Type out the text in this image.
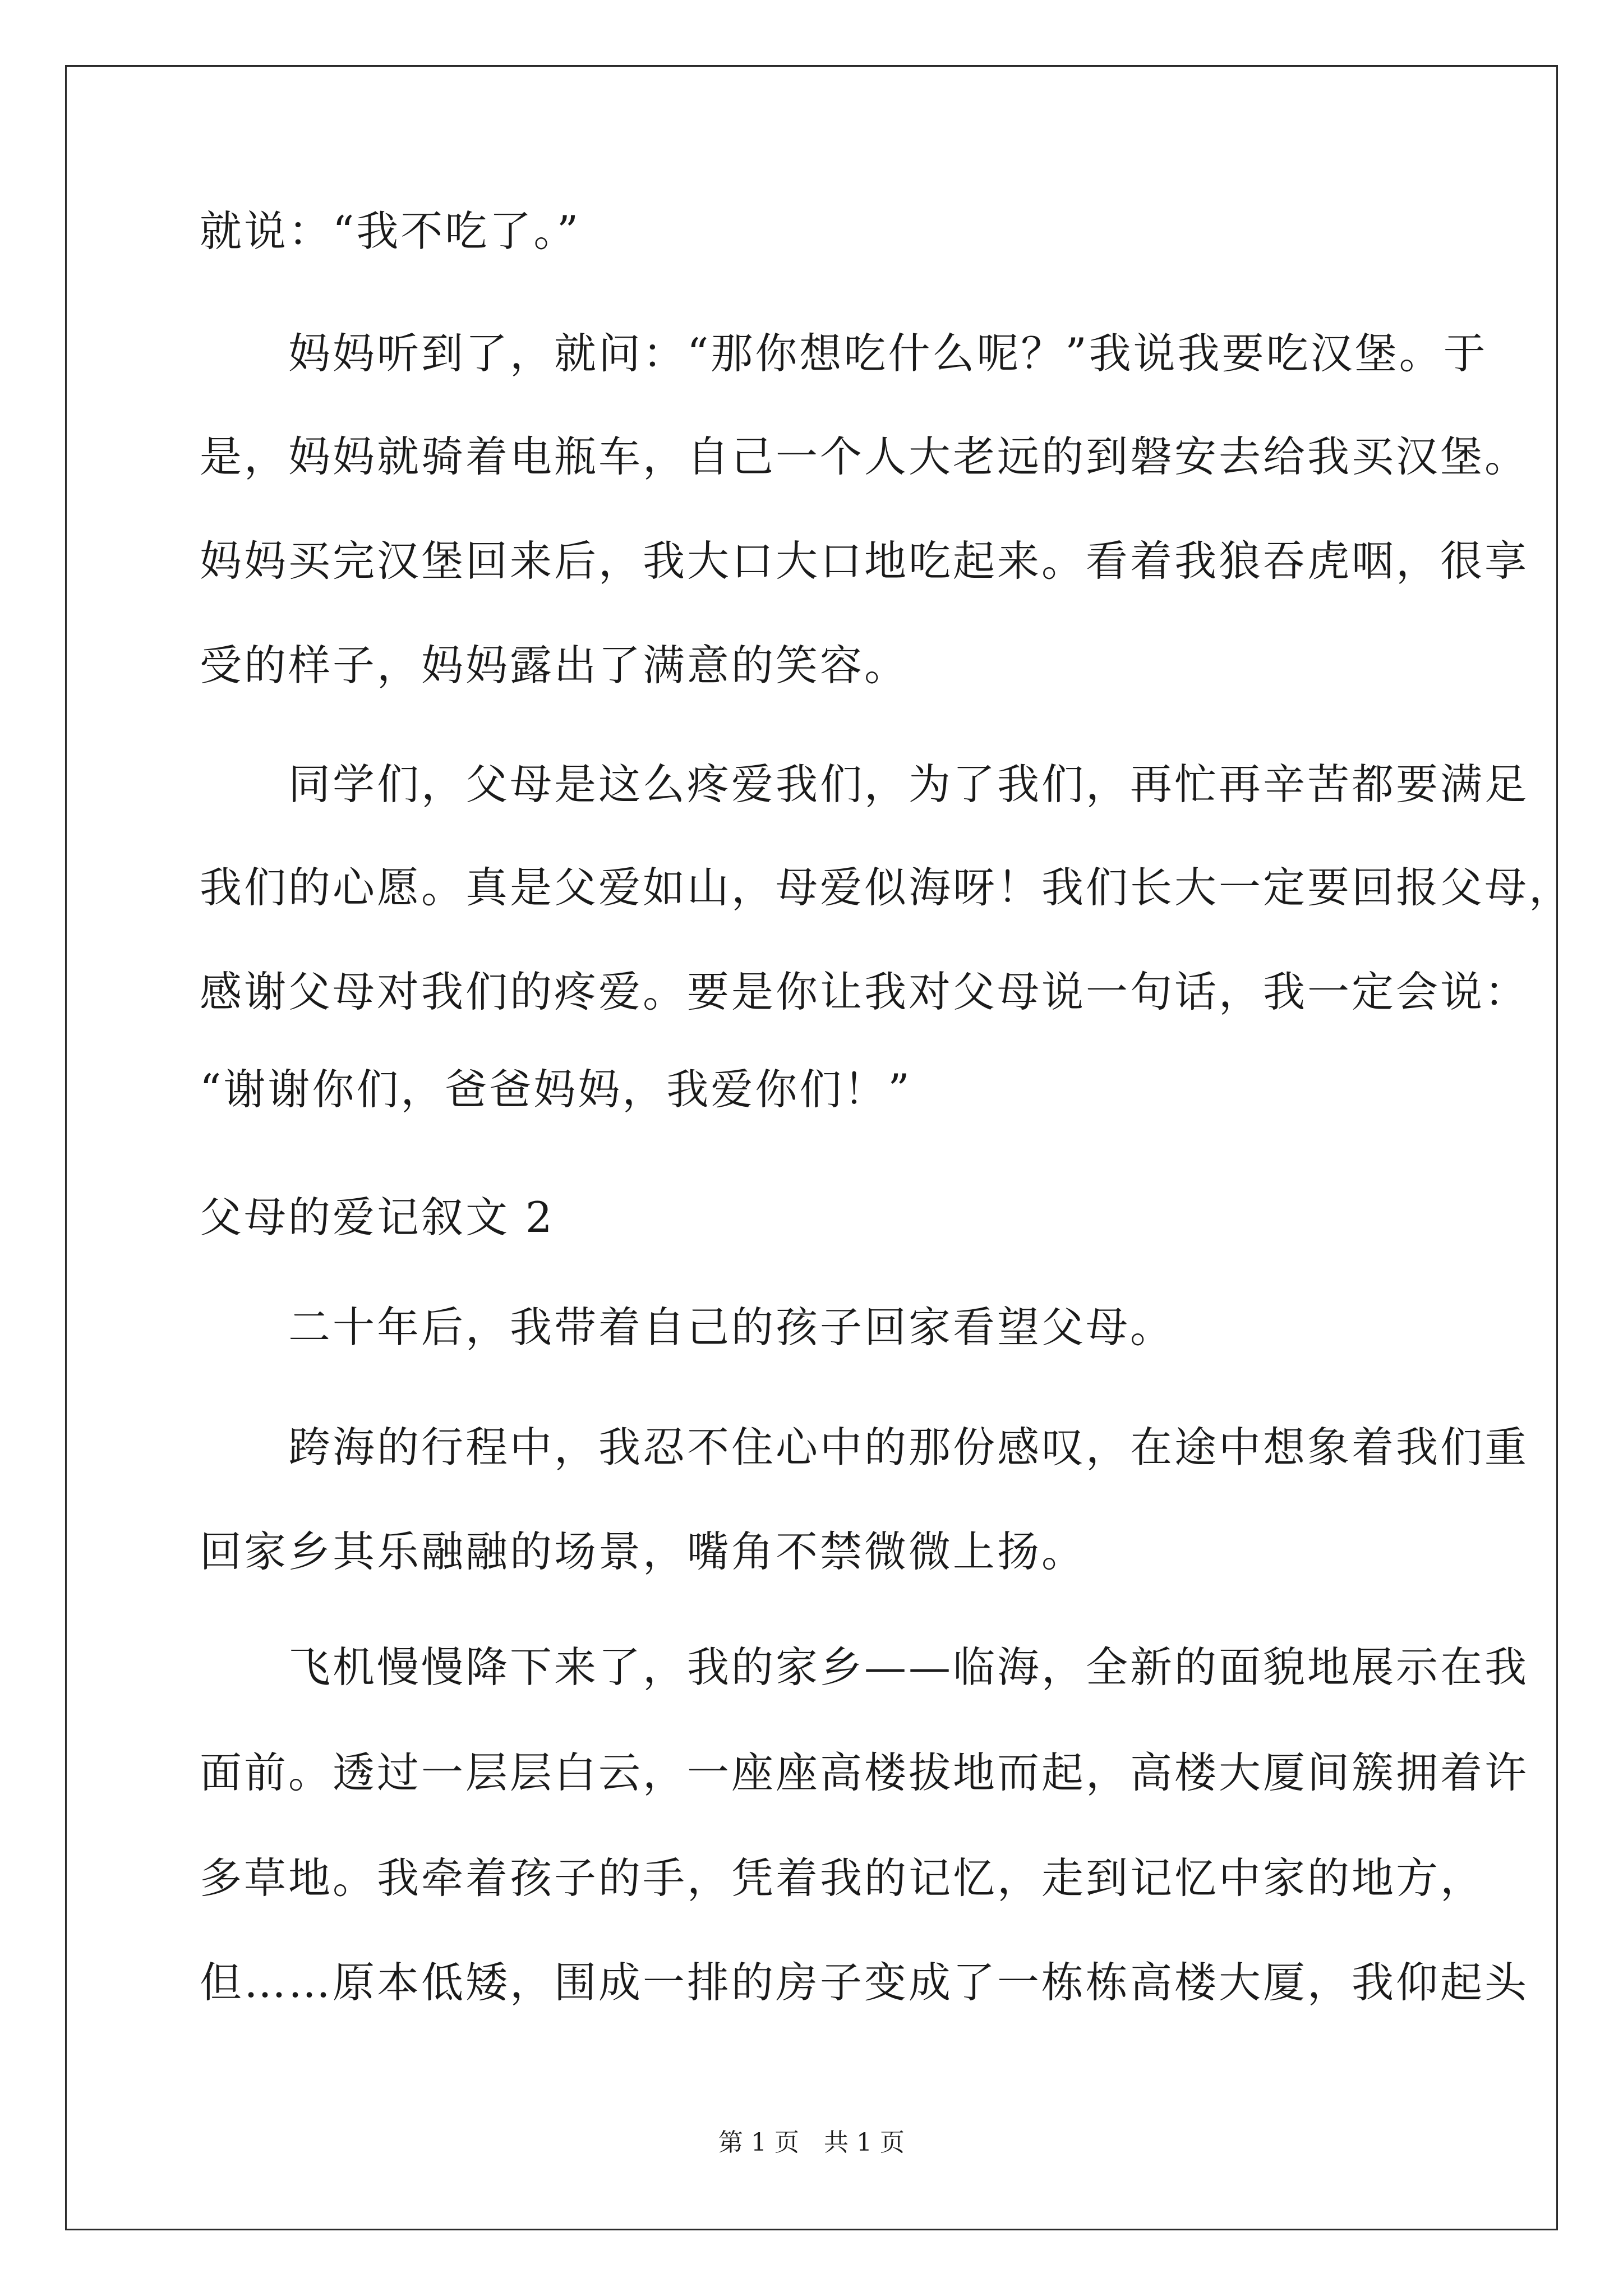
就说：“我不吃了。”
　　妈妈听到了，就问：“那你想吃什么呢？”我说我要吃汉堡。于
是，妈妈就骑着电瓶车，自己一个人大老远的到磐安去给我买汉堡。
妈妈买完汉堡回来后，我大口大口地吃起来。看着我狼吞虎咽，很享
受的样子，妈妈露出了满意的笑容。
　　同学们，父母是这么疼爱我们，为了我们，再忙再辛苦都要满足
我们的心愿。真是父爱如山，母爱似海呀！我们长大一定要回报父母，
感谢父母对我们的疼爱。要是你让我对父母说一句话，我一定会说：
“谢谢你们，爸爸妈妈，我爱你们！”
父母的爱记叙文 2
　　二十年后，我带着自己的孩子回家看望父母。
　　跨海的行程中，我忍不住心中的那份感叹，在途中想象着我们重
回家乡其乐融融的场景，嘴角不禁微微上扬。
　　飞机慢慢降下来了，我的家乡——临海，全新的面貌地展示在我
面前。透过一层层白云，一座座高楼拔地而起，高楼大厦间簇拥着许
多草地。我牵着孩子的手，凭着我的记忆，走到记忆中家的地方，
但……原本低矮，围成一排的房子变成了一栋栋高楼大厦，我仰起头
第 1 页　共 1 页
